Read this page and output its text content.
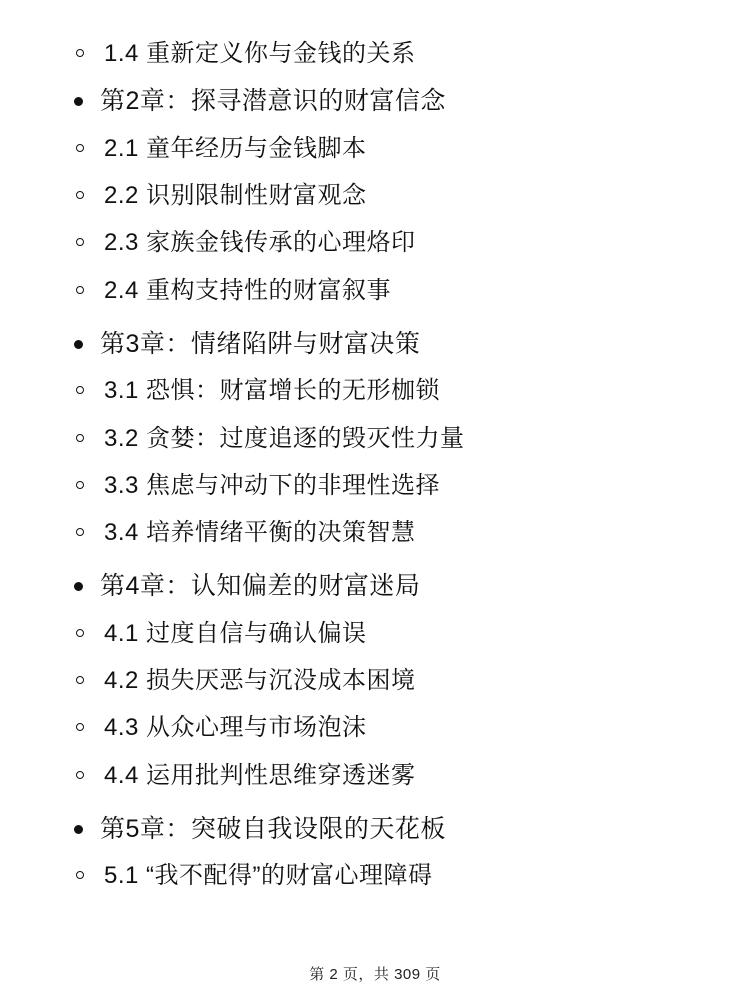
1.4 重新定义你与金钱的关系
第2章：探寻潜意识的财富信念
2.1 童年经历与金钱脚本
2.2 识别限制性财富观念
2.3 家族金钱传承的心理烙印
2.4 重构支持性的财富叙事
第3章：情绪陷阱与财富决策
3.1 恐惧：财富增长的无形枷锁
3.2 贪婪：过度追逐的毁灭性力量
3.3 焦虑与冲动下的非理性选择
3.4 培养情绪平衡的决策智慧
第4章：认知偏差的财富迷局
4.1 过度自信与确认偏误
4.2 损失厌恶与沉没成本困境
4.3 从众心理与市场泡沫
4.4 运用批判性思维穿透迷雾
第5章：突破自我设限的天花板
5.1 “我不配得”的财富心理障碍
第 2 页，共 309 页
